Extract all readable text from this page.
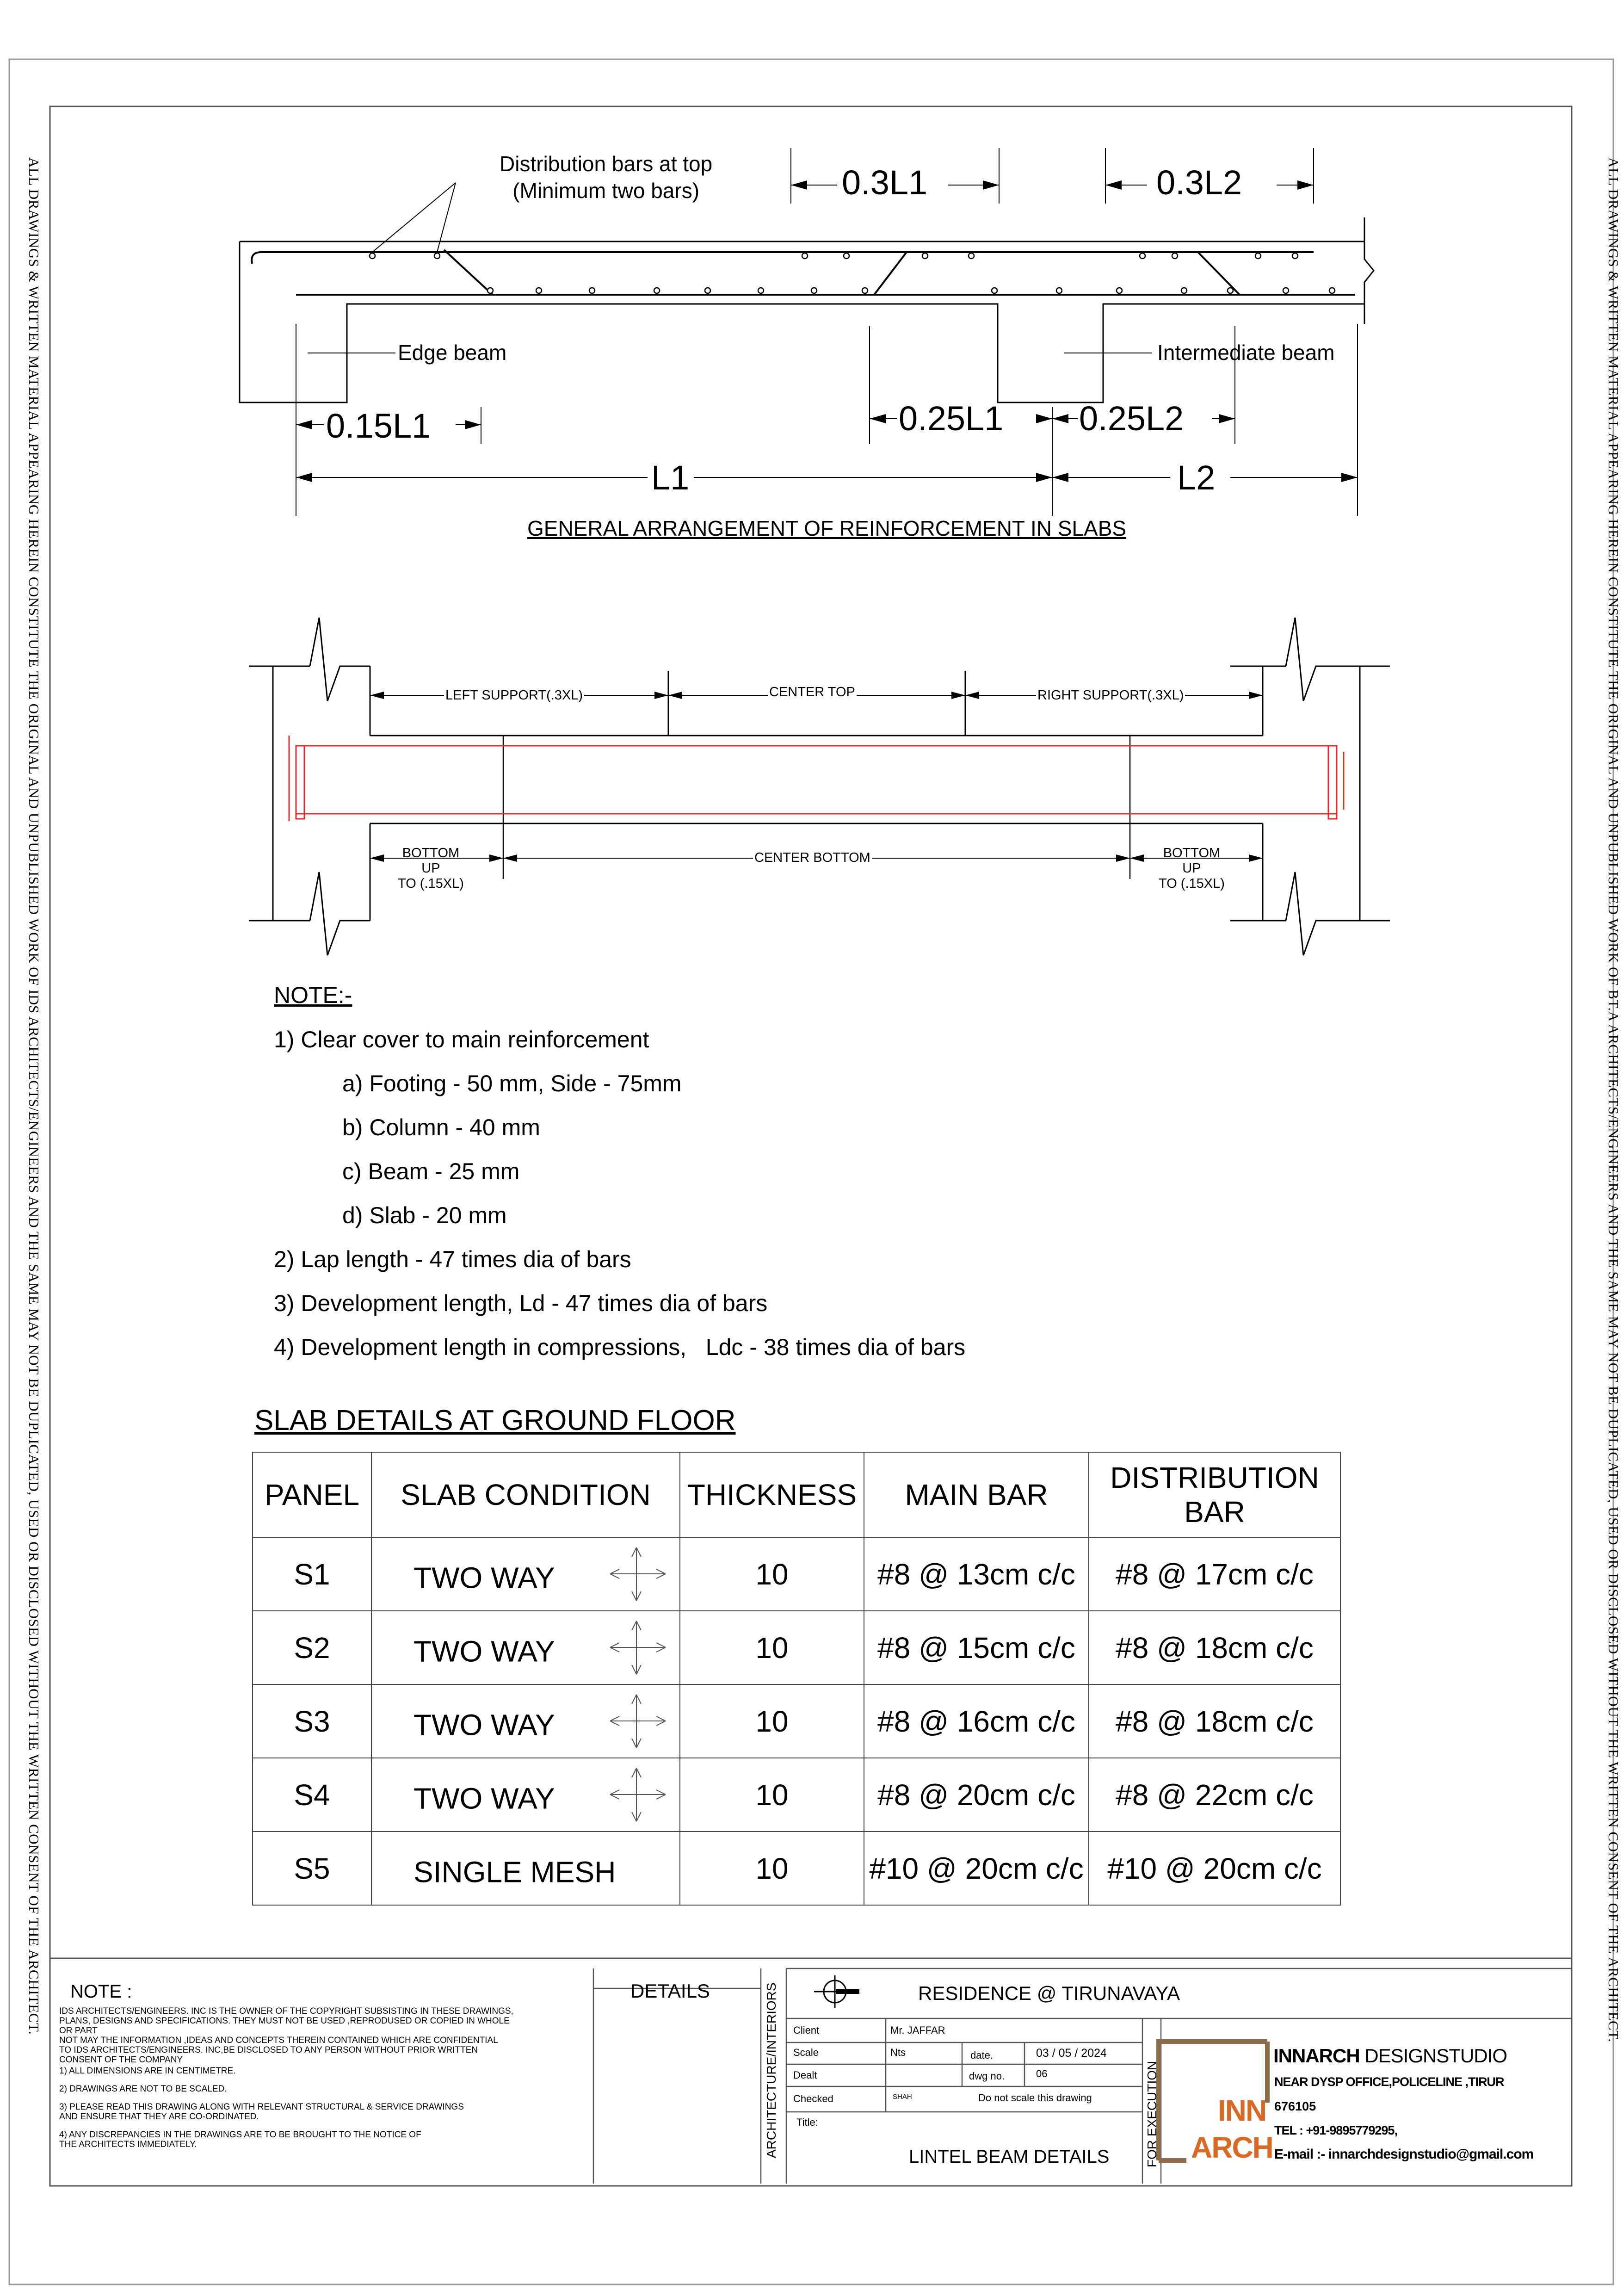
ALL DRAWINGS & WRITTEN MATERIAL APPEARING HEREIN CONSTITUTE THE ORIGINAL AND UNPUBLISHED WORK OF IDS ARCHITECTS/ENGINEERS AND THE SAME MAY NOT BE DUPLICATED, USED OR DISCLOSED WITHOUT THE WRITTEN CONSENT OF THE ARCHITECT.	ALL DRAWINGS & WRITTEN MATERIAL APPEARING HEREIN CONSTITUTE THE ORIGINAL AND UNPUBLISHED WORK OF BT.A ARCHITECTS/ENGINEERS AND THE SAME MAY NOT BE DUPLICATED, USED OR DISCLOSED WITHOUT THE WRITTEN CONSENT OF THE ARCHITECT.
Distribution bars at top
(Minimum two bars)	0.3L1	0.3L2
Edge beam	Intermediate beam
0.15L1	0.25L1 0.25L2
L1	L2
GENERAL ARRANGEMENT OF REINFORCEMENT IN SLABS
LEFT SUPPORT(.3XL)	CENTER TOP	RIGHT SUPPORT(.3XL)
BOTTOM
UP
TO (.15XL)
CENTER BOTTOM	BOTTOM
UP
TO (.15XL)
NOTE:-
1) Clear cover to main reinforcement
a) Footing - 50 mm, Side - 75mm
b) Column - 40 mm
c) Beam - 25 mm
d) Slab - 20 mm
2) Lap length - 47 times dia of bars
3) Development length, Ld - 47 times dia of bars
4) Development length in compressions,   Ldc - 38 times dia of bars
SLAB DETAILS AT GROUND FLOOR
PANEL	SLAB CONDITION	THICKNESS	MAIN BAR	DISTRIBUTION BAR

S1	TWO WAY	10	#8 @ 13cm c/c	#8 @ 17cm c/c
S2	TWO WAY	10	#8 @ 15cm c/c	#8 @ 18cm c/c
S3	TWO WAY	10	#8 @ 16cm c/c	#8 @ 18cm c/c
S4	TWO WAY	10	#8 @ 20cm c/c	#8 @ 22cm c/c
S5	SINGLE MESH	10	#10 @ 20cm c/c	#10 @ 20cm c/c
NOTE :
IDS ARCHITECTS/ENGINEERS. INC IS THE OWNER OF THE COPYRIGHT SUBSISTING IN THESE DRAWINGS,
PLANS, DESIGNS AND SPECIFICATIONS. THEY MUST NOT BE USED ,REPRODUSED OR COPIED IN WHOLE
OR PART
NOT MAY THE INFORMATION ,IDEAS AND CONCEPTS THEREIN CONTAINED WHICH ARE CONFIDENTIAL
TO IDS ARCHITECTS/ENGINEERS. INC,BE DISCLOSED TO ANY PERSON WITHOUT PRIOR WRITTEN
CONSENT OF THE COMPANY
1) ALL DIMENSIONS ARE IN CENTIMETRE.
2) DRAWINGS ARE NOT TO BE SCALED.
3) PLEASE READ THIS DRAWING ALONG WITH RELEVANT STRUCTURAL & SERVICE DRAWINGS
AND ENSURE THAT THEY ARE CO-ORDINATED.
4) ANY DISCREPANCIES IN THE DRAWINGS ARE TO BE BROUGHT TO THE NOTICE OF
THE ARCHITECTS IMMEDIATELY.
DETAILS	ARCHITECTURE/INTERIORS	RESIDENCE @ TIRUNAVAYA
Client	Mr. JAFFAR
Scale	Nts	date.	03 / 05 / 2024
Dealt	dwg no.	06
Checked	SHAH	Do not scale this drawing
Title:
LINTEL BEAM DETAILS	FOR EXECUTION
INNARCH DESIGNSTUDIO
INN
ARCH
NEAR DYSP OFFICE,POLICELINE ,TIRUR
676105
TEL : +91-9895779295,
E-mail :- innarchdesignstudio@gmail.com
